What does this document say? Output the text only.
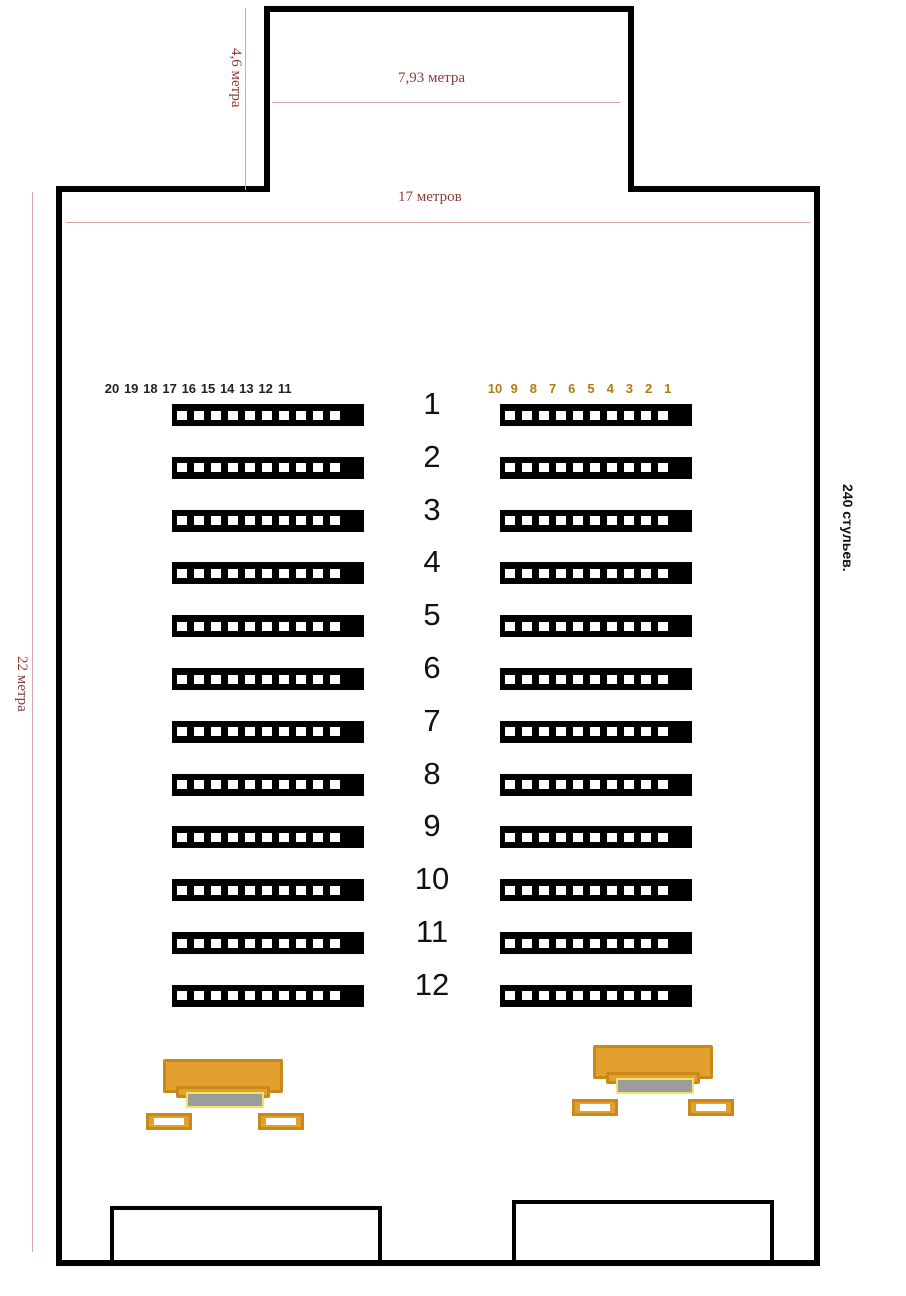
7,93 метра
4,6 метра
17 метров
22 метра
240 стульев.
20 19 18 17 16 15 14 13 12 11	10 9 8 7 6 5 4 3 2 1
1
2
3
4
5
6
7
8
9
10
11
12
